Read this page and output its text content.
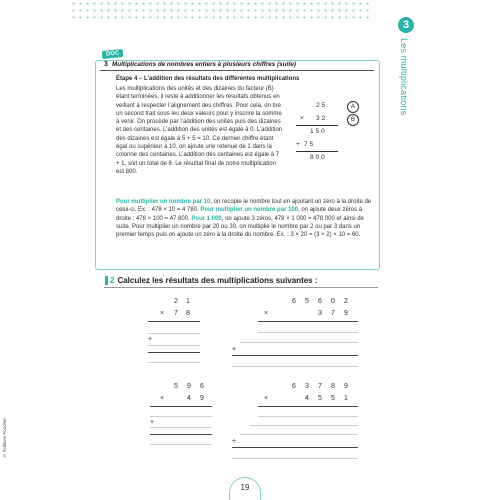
3
Les multiplications
© Éditions Foucher
DOC
3 Multiplications de nombres entiers à plusieurs chiffres (suite)
Étape 4 – L’addition des résultats des différentes multiplications
Les multiplications des unités et des dizaines du facteur (B) étant terminées, il reste à additionner les résultats obtenus en veillant à respecter l’alignement des chiffres. Pour cela, on tire un second trait sous les deux valeurs pour y inscrire la somme à venir. On procède par l’addition des unités puis des dizaines et des centaines. L’addition des unités est égale à 0. L’addition des dizaines est égale à 5 + 5 = 10. Ce dernier chiffre étant égal ou supérieur à 10, on ajoute une retenue de 1 dans la colonne des centaines. L’addition des centaines est égale à 7 + 1, soit un total de 8. Le résultat final de notre multiplication est 800.
2 5	A
× 3 2	B
1 5 0
+ 7 5
8 0 0
Pour multiplier un nombre par 10, on recopie le nombre tout en ajoutant un zéro à la droite de celui-ci. Ex. : 478 × 10 = 4 780. Pour multiplier un nombre par 100, on ajoute deux zéros à droite : 478 × 100 = 47 800. Pour 1 000, on ajoute 3 zéros, 478 × 1 000 = 478 000 et ainsi de suite. Pour multiplier un nombre par 20 ou 30, on multiplie le nombre par 2 ou par 3 dans un premier temps puis on ajoute un zéro à la droite du nombre. Ex. : 3 × 20 = (3 × 2) × 10 = 60.
2 Calculez les résultats des multiplications suivantes :
2 1
× 7 8
+
6 5 6 0 2
×	3 7 9
+
5 9 6
×	4 9
+
6 3 7 8 9
×	4 5 5 1
+
19
